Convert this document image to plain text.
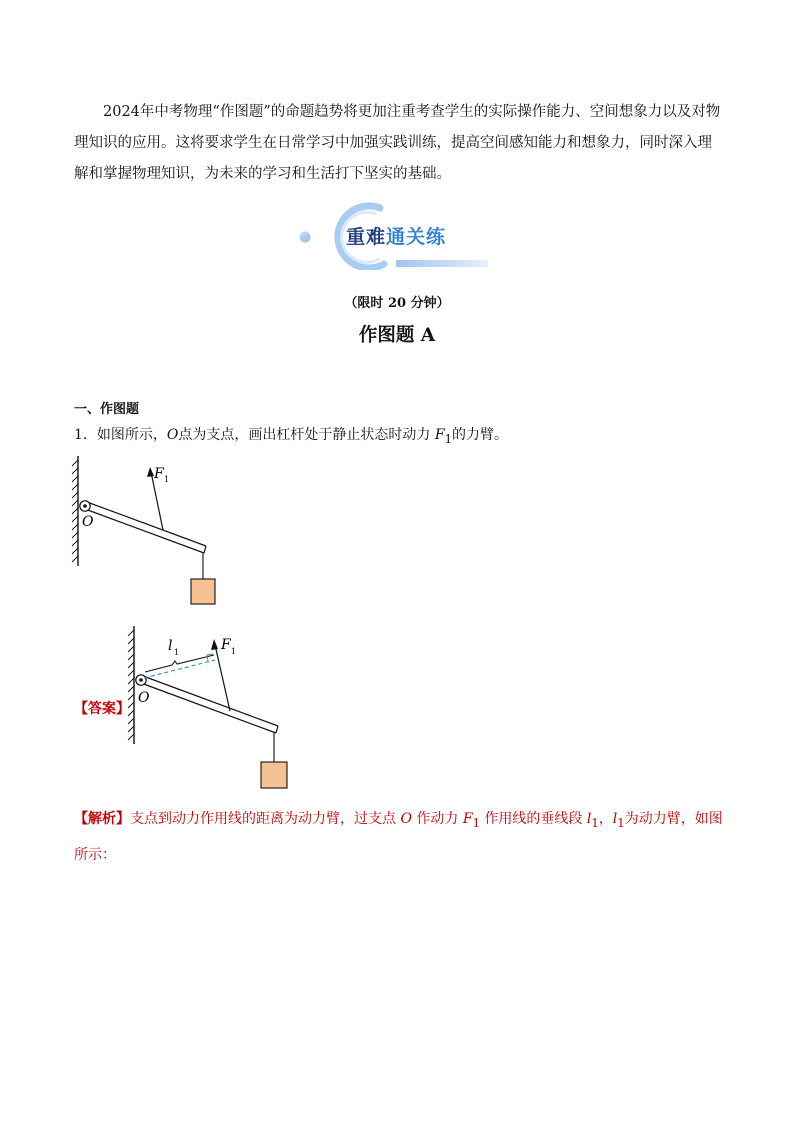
2024年中考物理“作图题”的命题趋势将更加注重考查学生的实际操作能力、空间想象力以及对物理知识的应用。这将要求学生在日常学习中加强实践训练，提高空间感知能力和想象力，同时深入理解和掌握物理知识，为未来的学习和生活打下坚实的基础。

重难通关练
（限时 20 分钟）
作图题 A
一、作图题
1．如图所示，O点为支点，画出杠杆处于静止状态时动力 $F_1$的力臂。
O
F 1
O
l 1	F 1
【答案】
【解析】支点到动力作用线的距离为动力臂，过支点 O 作动力 $F_1$ 作用线的垂线段 $l_1$，$l_1$为动力臂，如图所示：
